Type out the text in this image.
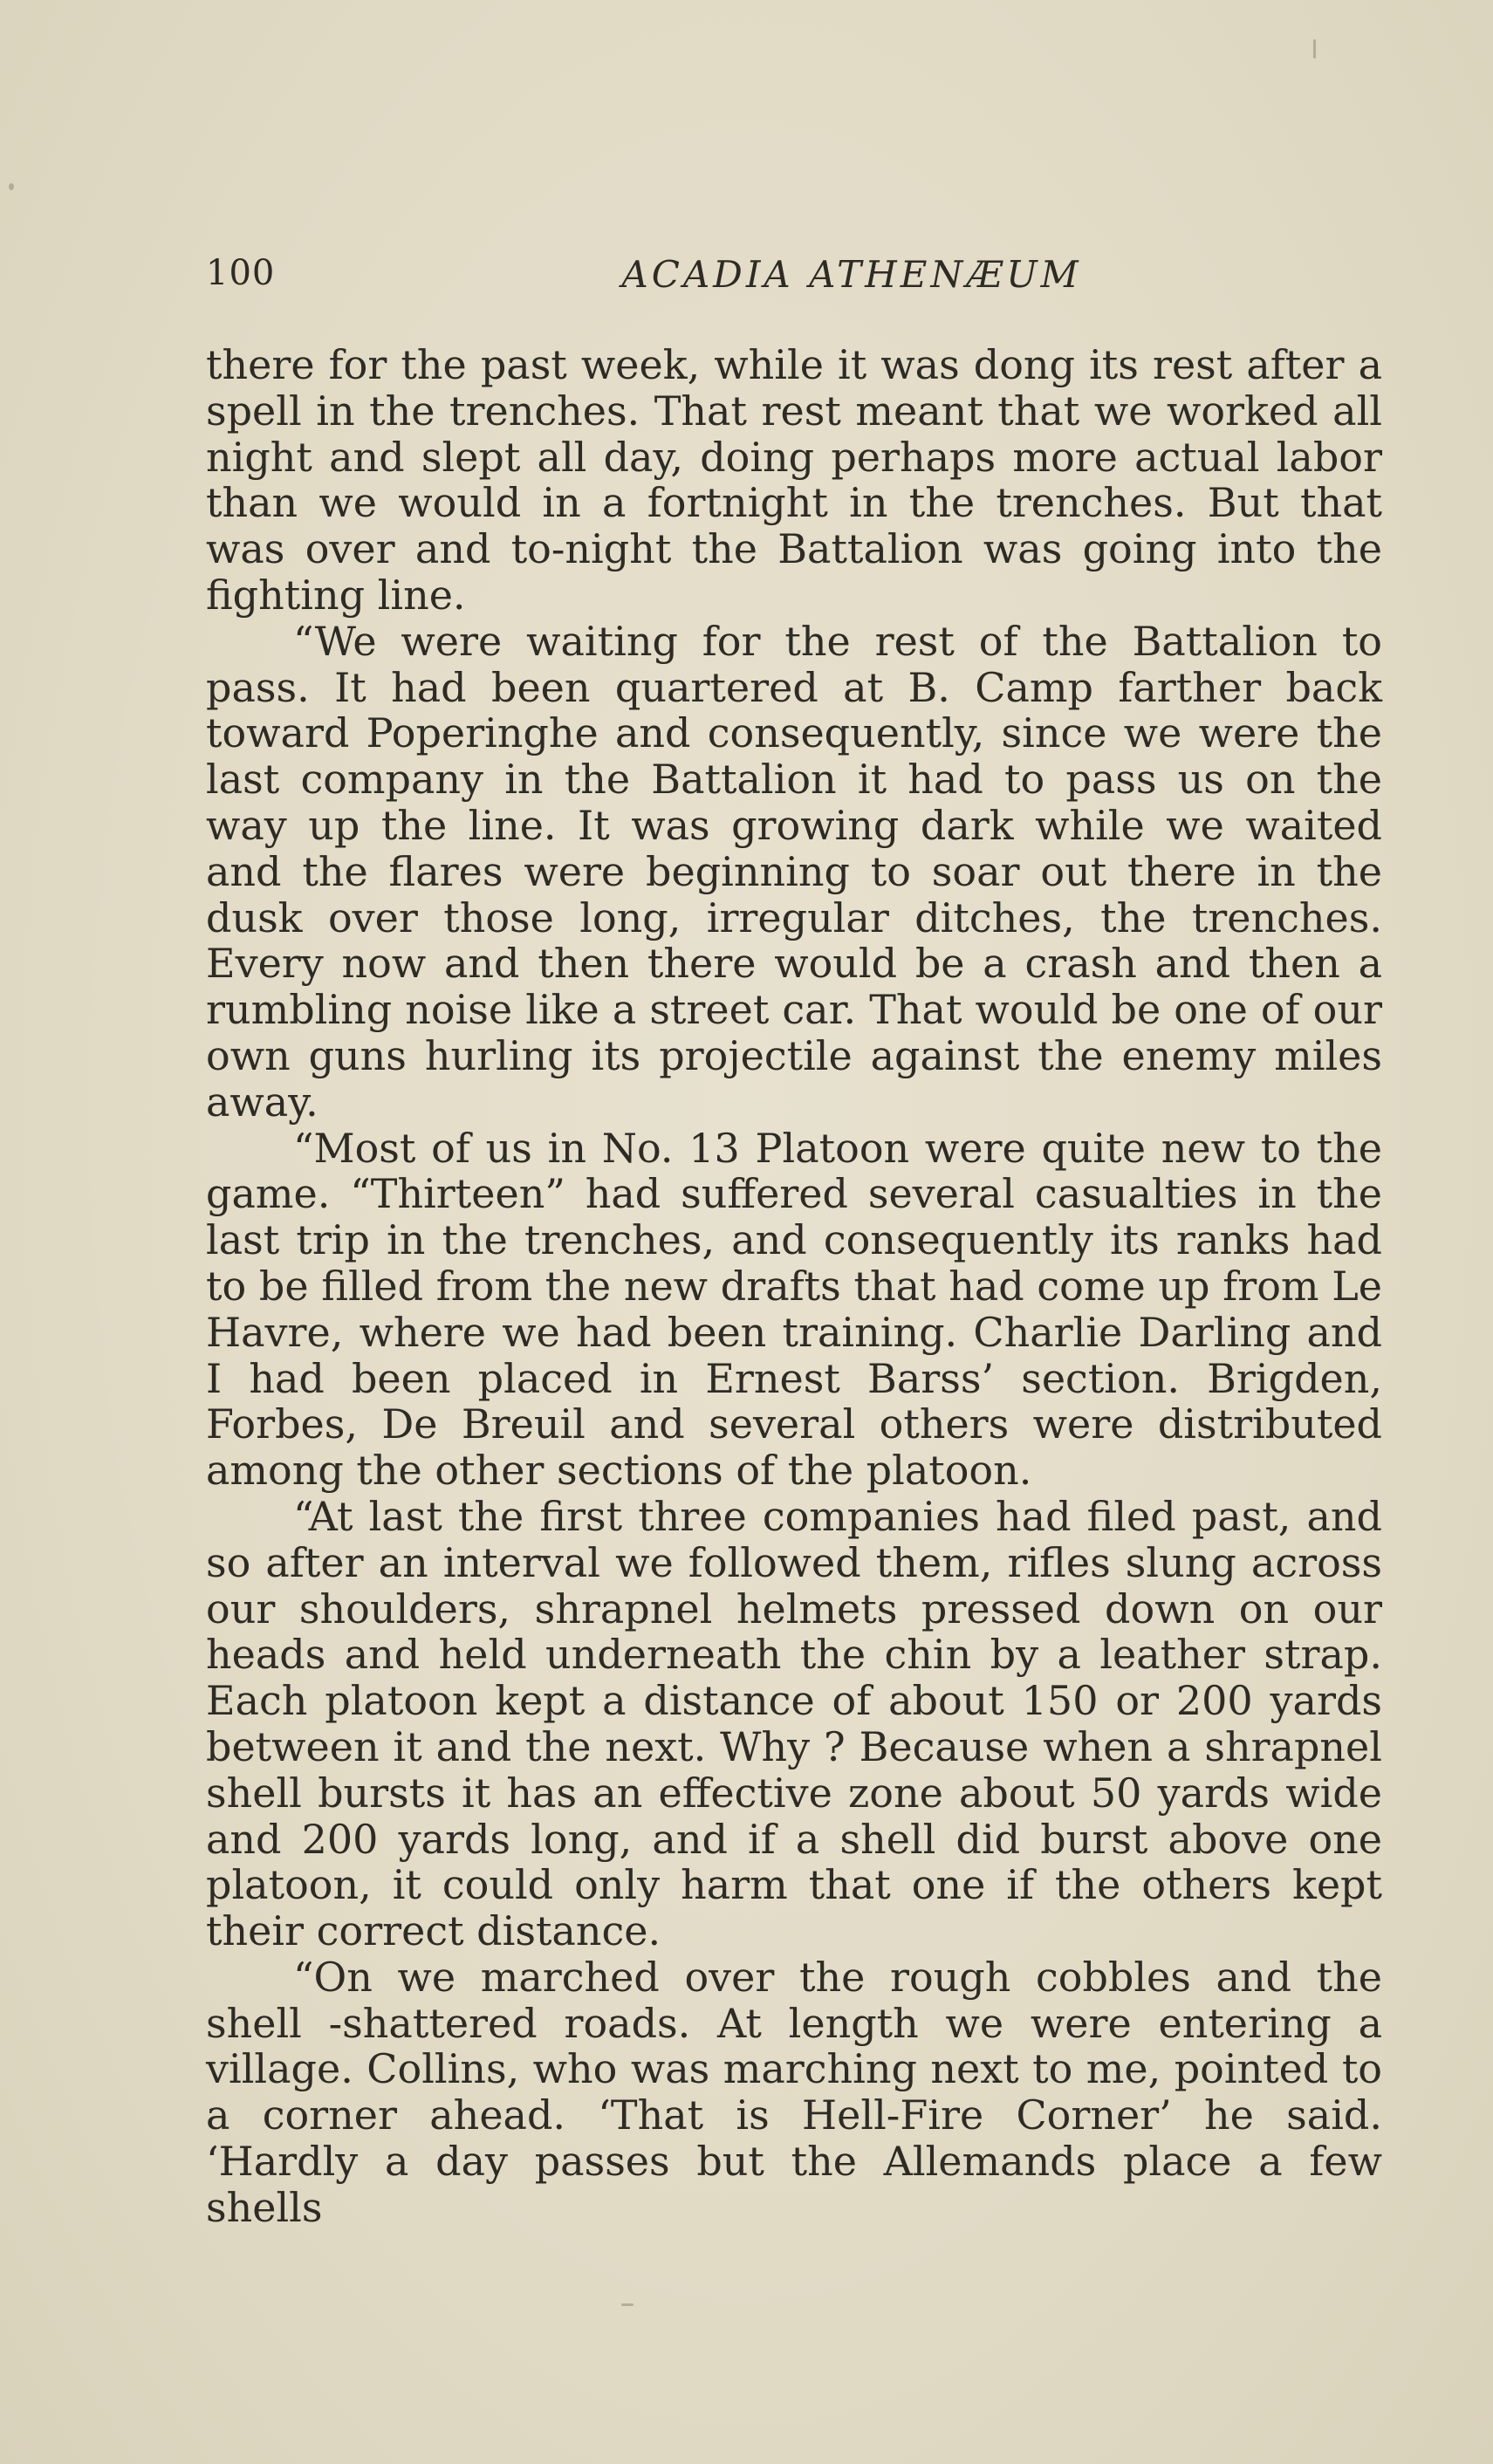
100	ACADIA ATHENÆUM

there for the past week, while it was dong its rest after a spell in the trenches. That rest meant that we worked all night and slept all day, doing perhaps more actual labor than we would in a fortnight in the trenches. But that was over and to-night the Battalion was going into the fighting line.

“We were waiting for the rest of the Battalion to pass. It had been quartered at B. Camp farther back toward Poperinghe and consequently, since we were the last company in the Battalion it had to pass us on the way up the line. It was growing dark while we waited and the flares were beginning to soar out there in the dusk over those long, irregular ditches, the trenches. Every now and then there would be a crash and then a rumbling noise like a street car. That would be one of our own guns hurling its projectile against the enemy miles away.

“Most of us in No. 13 Platoon were quite new to the game. “Thirteen” had suffered several casualties in the last trip in the trenches, and consequently its ranks had to be filled from the new drafts that had come up from Le Havre, where we had been training. Charlie Darling and I had been placed in Ernest Barss’ section. Brigden, Forbes, De Breuil and several others were distributed among the other sections of the platoon.

“At last the first three companies had filed past, and so after an interval we followed them, rifles slung across our shoulders, shrapnel helmets pressed down on our heads and held underneath the chin by a leather strap. Each platoon kept a distance of about 150 or 200 yards between it and the next. Why ? Because when a shrapnel shell bursts it has an effective zone about 50 yards wide and 200 yards long, and if a shell did burst above one platoon, it could only harm that one if the others kept their correct distance.

“On we marched over the rough cobbles and the shell -shattered roads. At length we were entering a village. Collins, who was marching next to me, pointed to a corner ahead. ‘That is Hell-Fire Corner’ he said. ‘Hardly a day passes but the Allemands place a few shells
